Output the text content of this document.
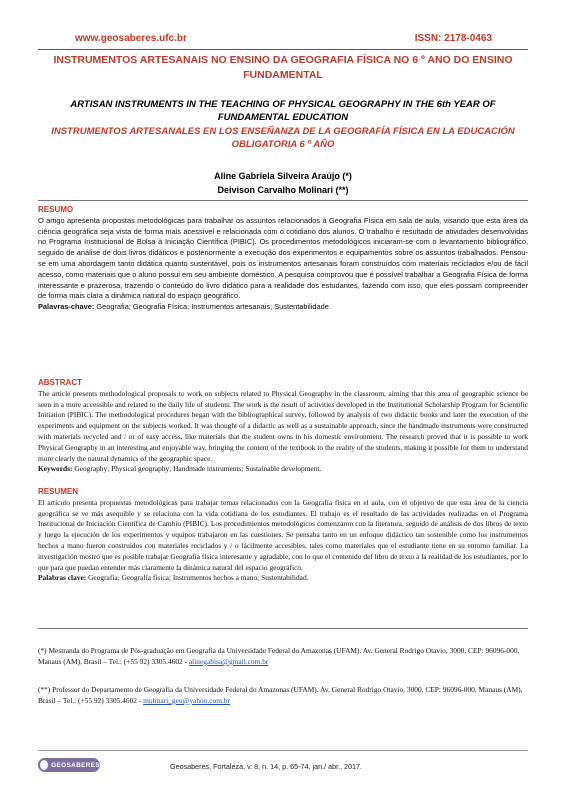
www.geosaberes.ufc.br	ISSN: 2178-0463
INSTRUMENTOS ARTESANAIS NO ENSINO DA GEOGRAFIA FÍSICA NO 6 º ANO DO ENSINO FUNDAMENTAL
ARTISAN INSTRUMENTS IN THE TEACHING OF PHYSICAL GEOGRAPHY IN THE 6th YEAR OF FUNDAMENTAL EDUCATION
INSTRUMENTOS ARTESANALES EN LOS ENSEÑANZA DE LA GEOGRAFÍA FÍSICA EN LA EDUCACIÓN OBLIGATORIA 6 º AÑO
Aline Gabriela Silveira Araújo (*)
Deivison Carvalho Molinari (**)
RESUMO

O artigo apresenta propostas metodológicas para trabalhar os assuntos relacionados à Geografia Física em sala de aula, visando que esta área da ciência geográfica seja vista de forma mais acessível e relacionada com o cotidiano dos alunos. O trabalho é resultado de atividades desenvolvidas no Programa Institucional de Bolsa à Iniciação Científica (PIBIC). Os procedimentos metodológicos iniciaram-se com o levantamento bibliográfico, seguido de análise de dois livros didáticos e posteriormente a execução dos experimentos e equipamentos sobre os assuntos trabalhados. Pensou-se em uma abordagem tanto didática quanto sustentável, pois os instrumentos artesanais foram construídos com materiais reciclados e/ou de fácil acesso, como materiais que o aluno possui em seu ambiente doméstico. A pesquisa comprovou que é possível trabalhar a Geografia Física de forma interessante e prazerosa, trazendo o conteúdo do livro didático para a realidade dos estudantes, fazendo com isso, que eles possam compreender de forma mais clara a dinâmica natural do espaço geográfico.

Palavras-chave: Geografia; Geografia Física; Instrumentos artesanais; Sustentabilidade.

ABSTRACT

The article presents methodological proposals to work on subjects related to Physical Geography in the classroom, aiming that this area of geographic science be seen in a more accessible and related to the daily life of students. The work is the result of activities developed in the Institutional Scholarship Program for Scientific Initiation (PIBIC). The methodological procedures began with the bibliographical survey, followed by analysis of two didactic books and later the execution of the experiments and equipment on the subjects worked. It was thought of a didactic as well as a sustainable approach, since the handmade instruments were constructed with materials recycled and / or of easy access, like materials that the student owns in his domestic environment. The research proved that it is possible to work Physical Geography in an interesting and enjoyable way, bringing the content of the textbook to the reality of the students, making it possible for them to understand more clearly the natural dynamics of the geographic space.

Keywords: Geography; Physical geography; Handmade instruments; Sustainable development.

RESUMEN

El artículo presenta propuestas metodológicas para trabajar temas relacionados con la Geografía física en el aula, con el objetivo de que esta área de la ciencia geográfica se ve más asequible y se relaciona con la vida cotidiana de los estudiantes. El trabajo es el resultado de las actividades realizadas en el Programa Institucional de Iniciación Científica de Cambio (PIBIC). Los procedimientos metodológicos comenzaron con la literatura, seguido de análisis de dos libros de texto y luego la ejecución de los experimentos y equipos trabajaron en las cuestiones. Se pensaba tanto en un enfoque didáctico tan sostenible como los instrumentos hechos a mano fueron construidos con materiales reciclados y / o fácilmente accesibles, tales como materiales que el estudiante tiene en su entorno familiar. La investigación mostró que es posible trabajar Geografía física interesante y agradable, con lo que el contenido del libro de texto a la realidad de los estudiantes, por lo que para que puedan entender más claramente la dinámica natural del espacio geográfico.

Palabras clave: Geografía; Geografía física; Instrumentos hechos a mano; Sustentabilidad.

(*) Mestranda do Programa de Pós-graduação em Geografia da Universidade Federal do Amazonas (UFAM). Av. General Rodrigo Otavio, 3000, CEP: 96096-000, Manaus (AM), Brasil – Tel.: (+55 92) 3305.4602 - alinegabisa@gmail.com.br
(**) Professor do Departamento de Geografia da Universidade Federal do Amazonas (UFAM). Av. General Rodrigo Otavio, 3000, CEP: 96096-000, Manaus (AM), Brasil – Tel.: (+55 92) 3305.4602 - molinari_geo@yahoo.com.br
GEOSABERES	Geosaberes, Fortaleza, v. 8, n. 14, p. 65-74, jan./ abr., 2017.
